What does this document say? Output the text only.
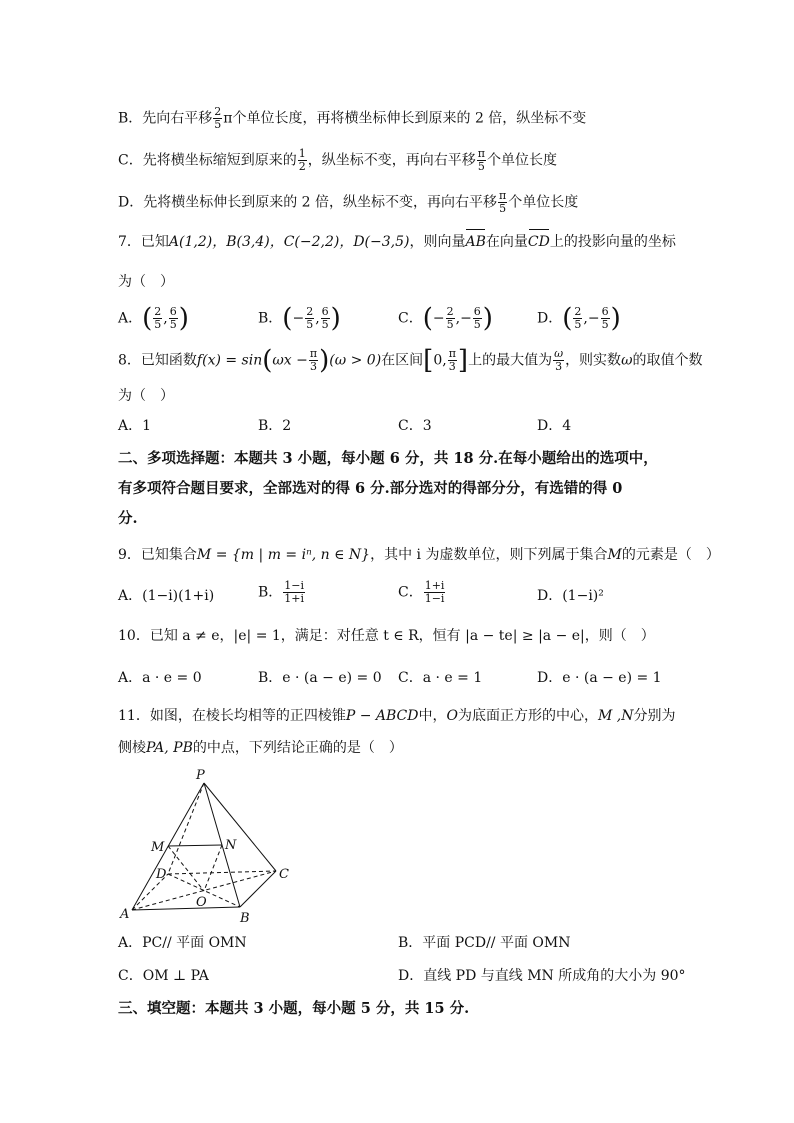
B．先向右平移 $\frac{2}{5}$ π个单位长度，再将横坐标伸长到原来的 2 倍，纵坐标不变
C．先将横坐标缩短到原来的 $\frac{1}{2}$ ，纵坐标不变，再向右平移 $\frac{\pi}{5}$ 个单位长度
D．先将横坐标伸长到原来的 2 倍，纵坐标不变，再向右平移 $\frac{\pi}{5}$ 个单位长度
7．已知A(1,2)，B(3,4)，C(−2,2)，D(−3,5)，则向量AB在向量CD上的投影向量的坐标
为（　）
A．( $\frac{2}{5}$ , $\frac{6}{5}$ )	B．(− $\frac{2}{5}$ , $\frac{6}{5}$ )	C．(− $\frac{2}{5}$ ,− $\frac{6}{5}$ )	D．( $\frac{2}{5}$ ,− $\frac{6}{5}$ )
8．已知函数$f(x) = \sin(\omega x - \frac{\pi}{3} )(\omega > 0)$在区间[0, $\frac{\pi}{3}$ ]上的最大值为 $\frac{\omega}{3}$ ，则实数ω的取值个数
为（　）
A．1	B．2	C．3	D．4
二、多项选择题：本题共 3 小题，每小题 6 分，共 18 分.在每小题给出的选项中，
有多项符合题目要求，全部选对的得 6 分.部分选对的得部分分，有选错的得 0
分.
9．已知集合M = {m | m = iⁿ, n ∈ N}，其中 i 为虚数单位，则下列属于集合M的元素是（　）
A．(1−i)(1+i)	B． $\frac{1-i}{1+i}$	C． $\frac{1+i}{1-i}$	D．(1−i)²
10．已知 a ≠ e，|e| = 1，满足：对任意 t ∈ R，恒有 |a − te| ≥ |a − e|，则（　）
A．a · e = 0	B．e · (a − e) = 0 C．a · e = 1	D．e · (a − e) = 1
11．如图，在棱长均相等的正四棱锥P − ABCD中，O为底面正方形的中心，M ,N分别为
侧棱PA, PB的中点，下列结论正确的是（　）
P
M	N
D	C
A
O
B
A．PC// 平面 OMN	B．平面 PCD// 平面 OMN
C．OM ⊥ PA	D．直线 PD 与直线 MN 所成角的大小为 90°
三、填空题：本题共 3 小题，每小题 5 分，共 15 分.
